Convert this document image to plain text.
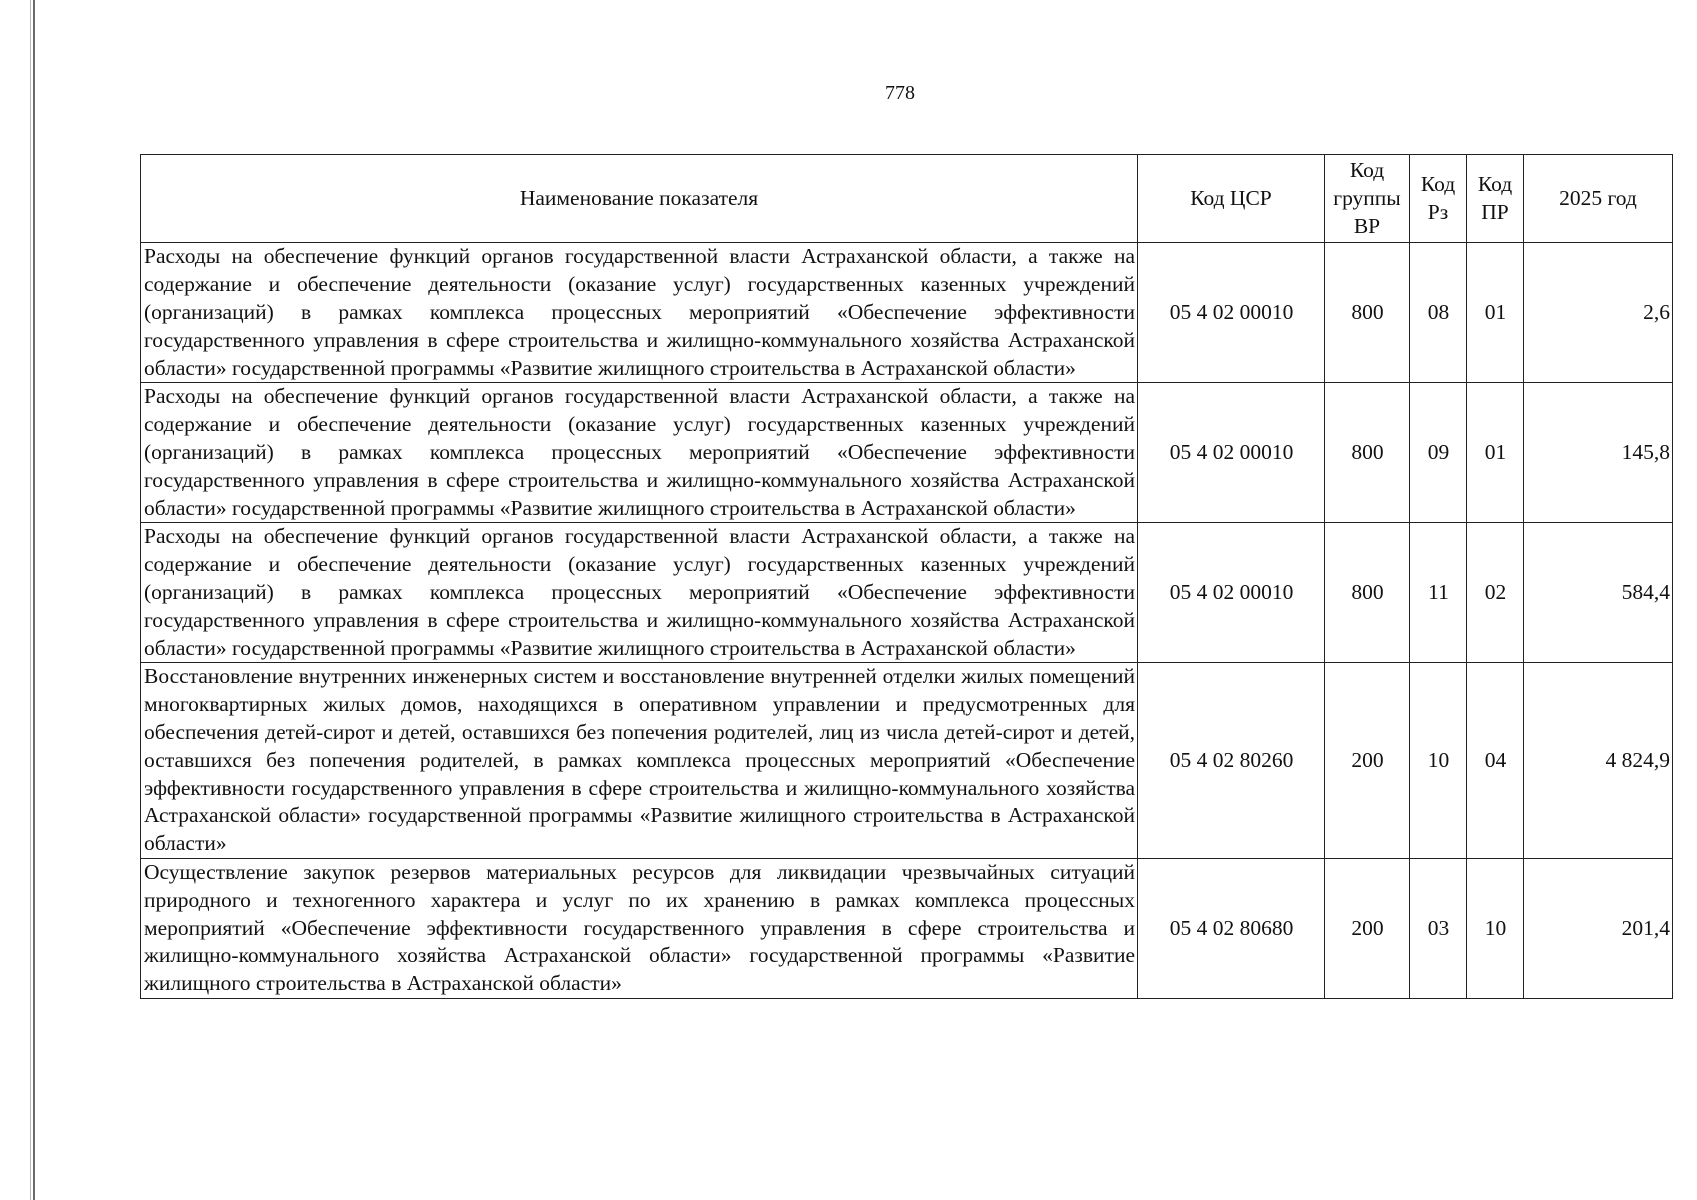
778
Наименование показателя	Код ЦСР	Код группы ВР	Код Рз	Код ПР	2025 год
Расходы на обеспечение функций органов государственной власти Астраханской области, а также на содержание и обеспечение деятельности (оказание услуг) государственных казенных учреждений (организаций) в рамках комплекса процессных мероприятий «Обеспечение эффективности государственного управления в сфере строительства и жилищно-коммунального хозяйства Астраханской области» государственной программы «Развитие жилищного строительства в Астраханской области»	05 4 02 00010	800	08	01	2,6
Расходы на обеспечение функций органов государственной власти Астраханской области, а также на содержание и обеспечение деятельности (оказание услуг) государственных казенных учреждений (организаций) в рамках комплекса процессных мероприятий «Обеспечение эффективности государственного управления в сфере строительства и жилищно-коммунального хозяйства Астраханской области» государственной программы «Развитие жилищного строительства в Астраханской области»	05 4 02 00010	800	09	01	145,8
Расходы на обеспечение функций органов государственной власти Астраханской области, а также на содержание и обеспечение деятельности (оказание услуг) государственных казенных учреждений (организаций) в рамках комплекса процессных мероприятий «Обеспечение эффективности государственного управления в сфере строительства и жилищно-коммунального хозяйства Астраханской области» государственной программы «Развитие жилищного строительства в Астраханской области»	05 4 02 00010	800	11	02	584,4
Восстановление внутренних инженерных систем и восстановление внутренней отделки жилых помещений многоквартирных жилых домов, находящихся в оперативном управлении и предусмотренных для обеспечения детей-сирот и детей, оставшихся без попечения родителей, лиц из числа детей-сирот и детей, оставшихся без попечения родителей, в рамках комплекса процессных мероприятий «Обеспечение эффективности государственного управления в сфере строительства и жилищно-коммунального хозяйства Астраханской области» государственной программы «Развитие жилищного строительства в Астраханской области»	05 4 02 80260	200	10	04	4 824,9
Осуществление закупок резервов материальных ресурсов для ликвидации чрезвычайных ситуаций природного и техногенного характера и услуг по их хранению в рамках комплекса процессных мероприятий «Обеспечение эффективности государственного управления в сфере строительства и жилищно-коммунального хозяйства Астраханской области» государственной программы «Развитие жилищного строительства в Астраханской области»	05 4 02 80680	200	03	10	201,4
